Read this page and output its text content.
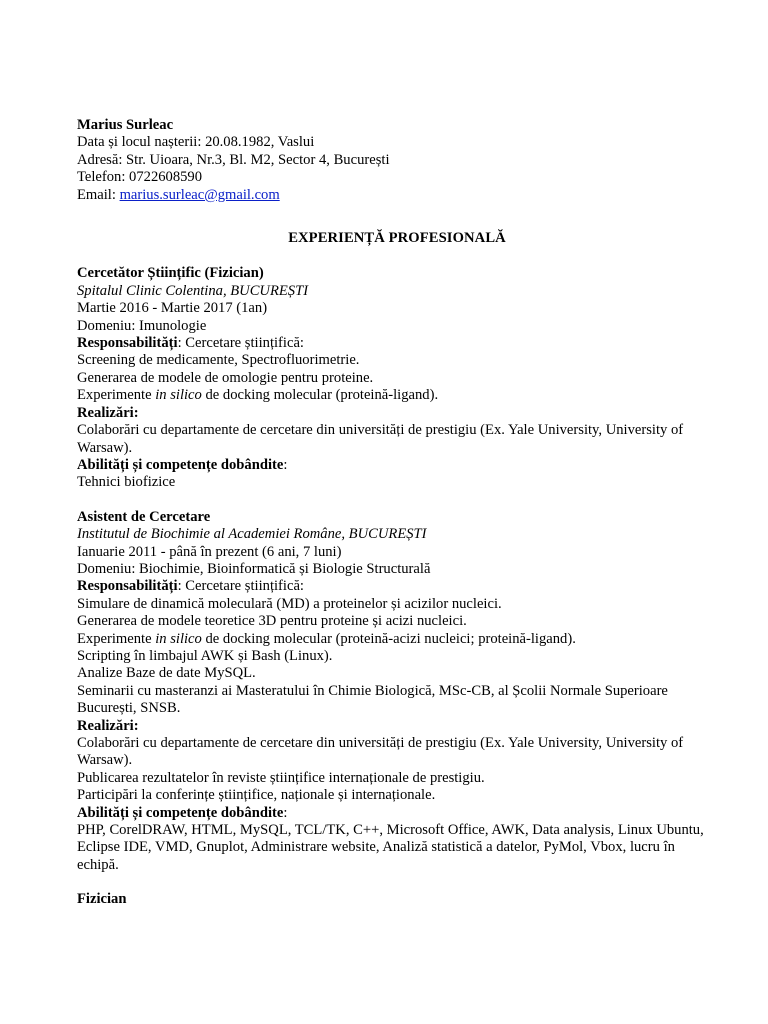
Marius Surleac
Data și locul nașterii: 20.08.1982, Vaslui
Adresă: Str. Uioara, Nr.3, Bl. M2, Sector 4, București
Telefon: 0722608590
Email: marius.surleac@gmail.com
EXPERIENȚĂ PROFESIONALĂ
Cercetător Științific (Fizician)
Spitalul Clinic Colentina, BUCUREȘTI
Martie 2016 - Martie 2017 (1an)
Domeniu: Imunologie
Responsabilități: Cercetare științifică:
Screening de medicamente, Spectrofluorimetrie.
Generarea de modele de omologie pentru proteine.
Experimente in silico de docking molecular (proteină-ligand).
Realizări:
Colaborări cu departamente de cercetare din universități de prestigiu (Ex. Yale University, University of Warsaw).
Abilități și competențe dobândite:
Tehnici biofizice
Asistent de Cercetare
Institutul de Biochimie al Academiei Române, BUCUREȘTI
Ianuarie 2011 - până în prezent (6 ani, 7 luni)
Domeniu: Biochimie, Bioinformatică și Biologie Structurală
Responsabilități: Cercetare științifică:
Simulare de dinamică moleculară (MD) a proteinelor și acizilor nucleici.
Generarea de modele teoretice 3D pentru proteine și acizi nucleici.
Experimente in silico de docking molecular (proteină-acizi nucleici; proteină-ligand).
Scripting în limbajul AWK și Bash (Linux).
Analize Baze de date MySQL.
Seminarii cu masteranzi ai Masteratului în Chimie Biologică, MSc-CB, al Școlii Normale Superioare București, SNSB.
Realizări:
Colaborări cu departamente de cercetare din universități de prestigiu (Ex. Yale University, University of Warsaw).
Publicarea rezultatelor în reviste științifice internaționale de prestigiu.
Participări la conferințe științifice, naționale și internaționale.
Abilități și competențe dobândite:
PHP, CorelDRAW, HTML, MySQL, TCL/TK, C++, Microsoft Office, AWK, Data analysis, Linux Ubuntu, Eclipse IDE, VMD, Gnuplot, Administrare website, Analiză statistică a datelor, PyMol, Vbox, lucru în echipă.
Fizician
